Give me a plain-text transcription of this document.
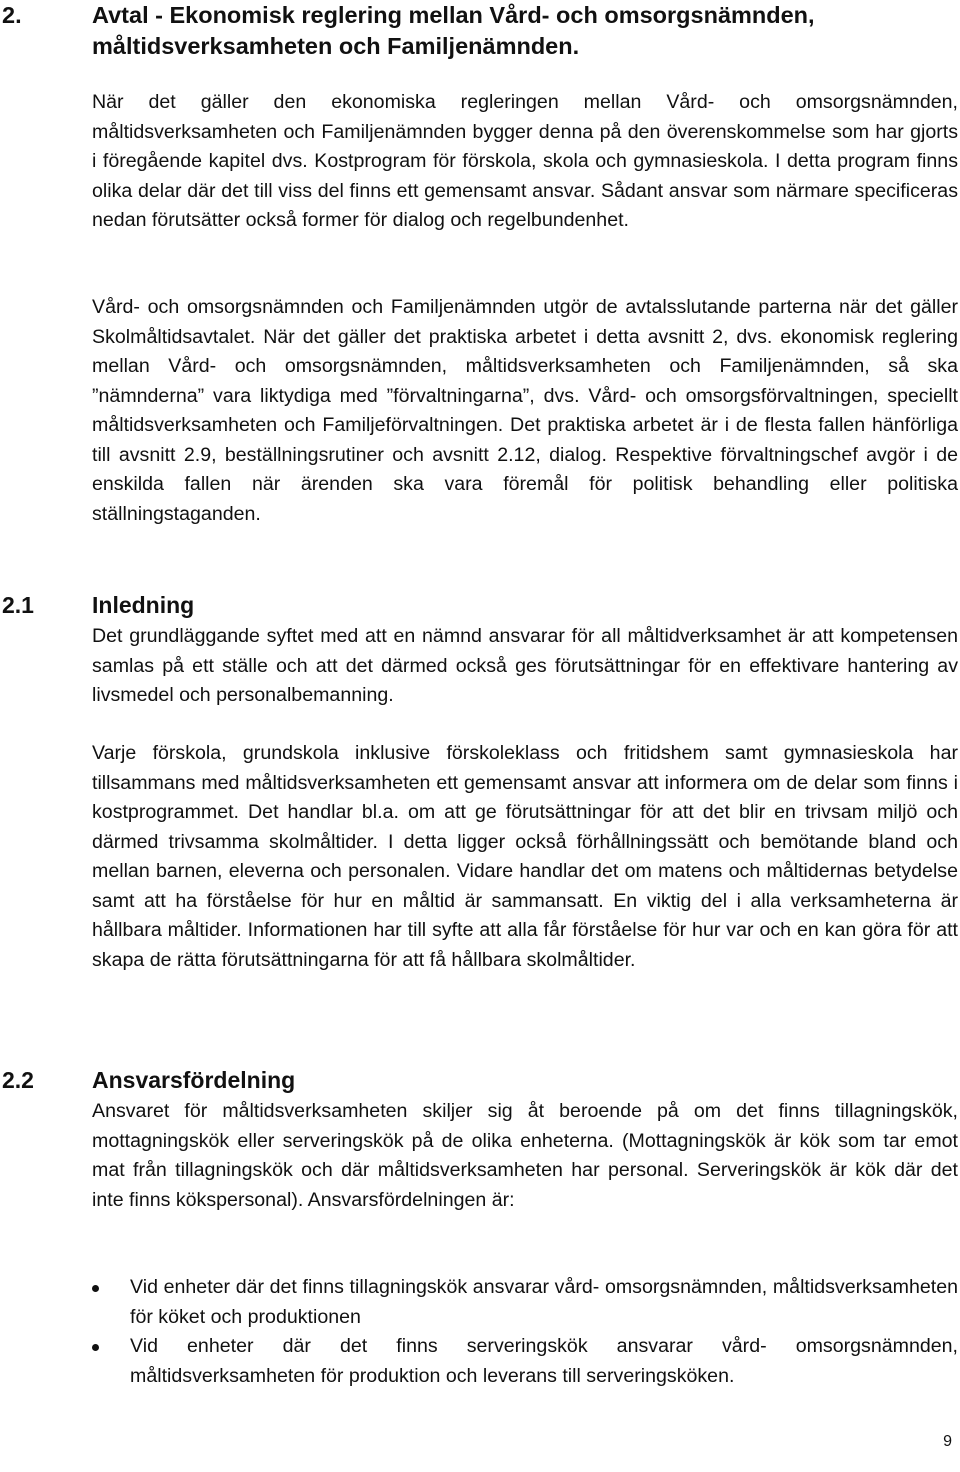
2.	Avtal - Ekonomisk reglering mellan Vård- och omsorgsnämnden, måltidsverksamheten och Familjenämnden.

När det gäller den ekonomiska regleringen mellan Vård- och omsorgsnämnden, måltidsverksamheten och Familjenämnden bygger denna på den överenskommelse som har gjorts i föregående kapitel dvs. Kostprogram för förskola, skola och gymnasieskola. I detta program finns olika delar där det till viss del finns ett gemensamt ansvar. Sådant ansvar som närmare specificeras nedan förutsätter också former för dialog och regelbundenhet.

Vård- och omsorgsnämnden och Familjenämnden utgör de avtalsslutande parterna när det gäller Skolmåltidsavtalet. När det gäller det praktiska arbetet i detta avsnitt 2, dvs. ekonomisk reglering mellan Vård- och omsorgsnämnden, måltidsverksamheten och Familjenämnden, så ska ”nämnderna” vara liktydiga med ”förvaltningarna”, dvs. Vård- och omsorgsförvaltningen, speciellt måltidsverksamheten och Familjeförvaltningen. Det praktiska arbetet är i de flesta fallen hänförliga till avsnitt 2.9, beställningsrutiner och avsnitt 2.12, dialog. Respektive förvaltningschef avgör i de enskilda fallen när ärenden ska vara föremål för politisk behandling eller politiska ställningstaganden.

2.1	Inledning

Det grundläggande syftet med att en nämnd ansvarar för all måltidverksamhet är att kompetensen samlas på ett ställe och att det därmed också ges förutsättningar för en effektivare hantering av livsmedel och personalbemanning.

Varje förskola, grundskola inklusive förskoleklass och fritidshem samt gymnasieskola har tillsammans med måltidsverksamheten ett gemensamt ansvar att informera om de delar som finns i kostprogrammet. Det handlar bl.a. om att ge förutsättningar för att det blir en trivsam miljö och därmed trivsamma skolmåltider. I detta ligger också förhållningssätt och bemötande bland och mellan barnen, eleverna och personalen. Vidare handlar det om matens och måltidernas betydelse samt att ha förståelse för hur en måltid är sammansatt. En viktig del i alla verksamheterna är hållbara måltider. Informationen har till syfte att alla får förståelse för hur var och en kan göra för att skapa de rätta förutsättningarna för att få hållbara skolmåltider.

2.2	Ansvarsfördelning

Ansvaret för måltidsverksamheten skiljer sig åt beroende på om det finns tillagningskök, mottagningskök eller serveringskök på de olika enheterna. (Mottagningskök är kök som tar emot mat från tillagningskök och där måltidsverksamheten har personal. Serveringskök är kök där det inte finns kökspersonal). Ansvarsfördelningen är:

Vid enheter där det finns tillagningskök ansvarar vård- omsorgsnämnden, måltidsverksamheten för köket och produktionen
Vid enheter där det finns serveringskök ansvarar vård- omsorgsnämnden, måltidsverksamheten för produktion och leverans till serveringsköken.
9
